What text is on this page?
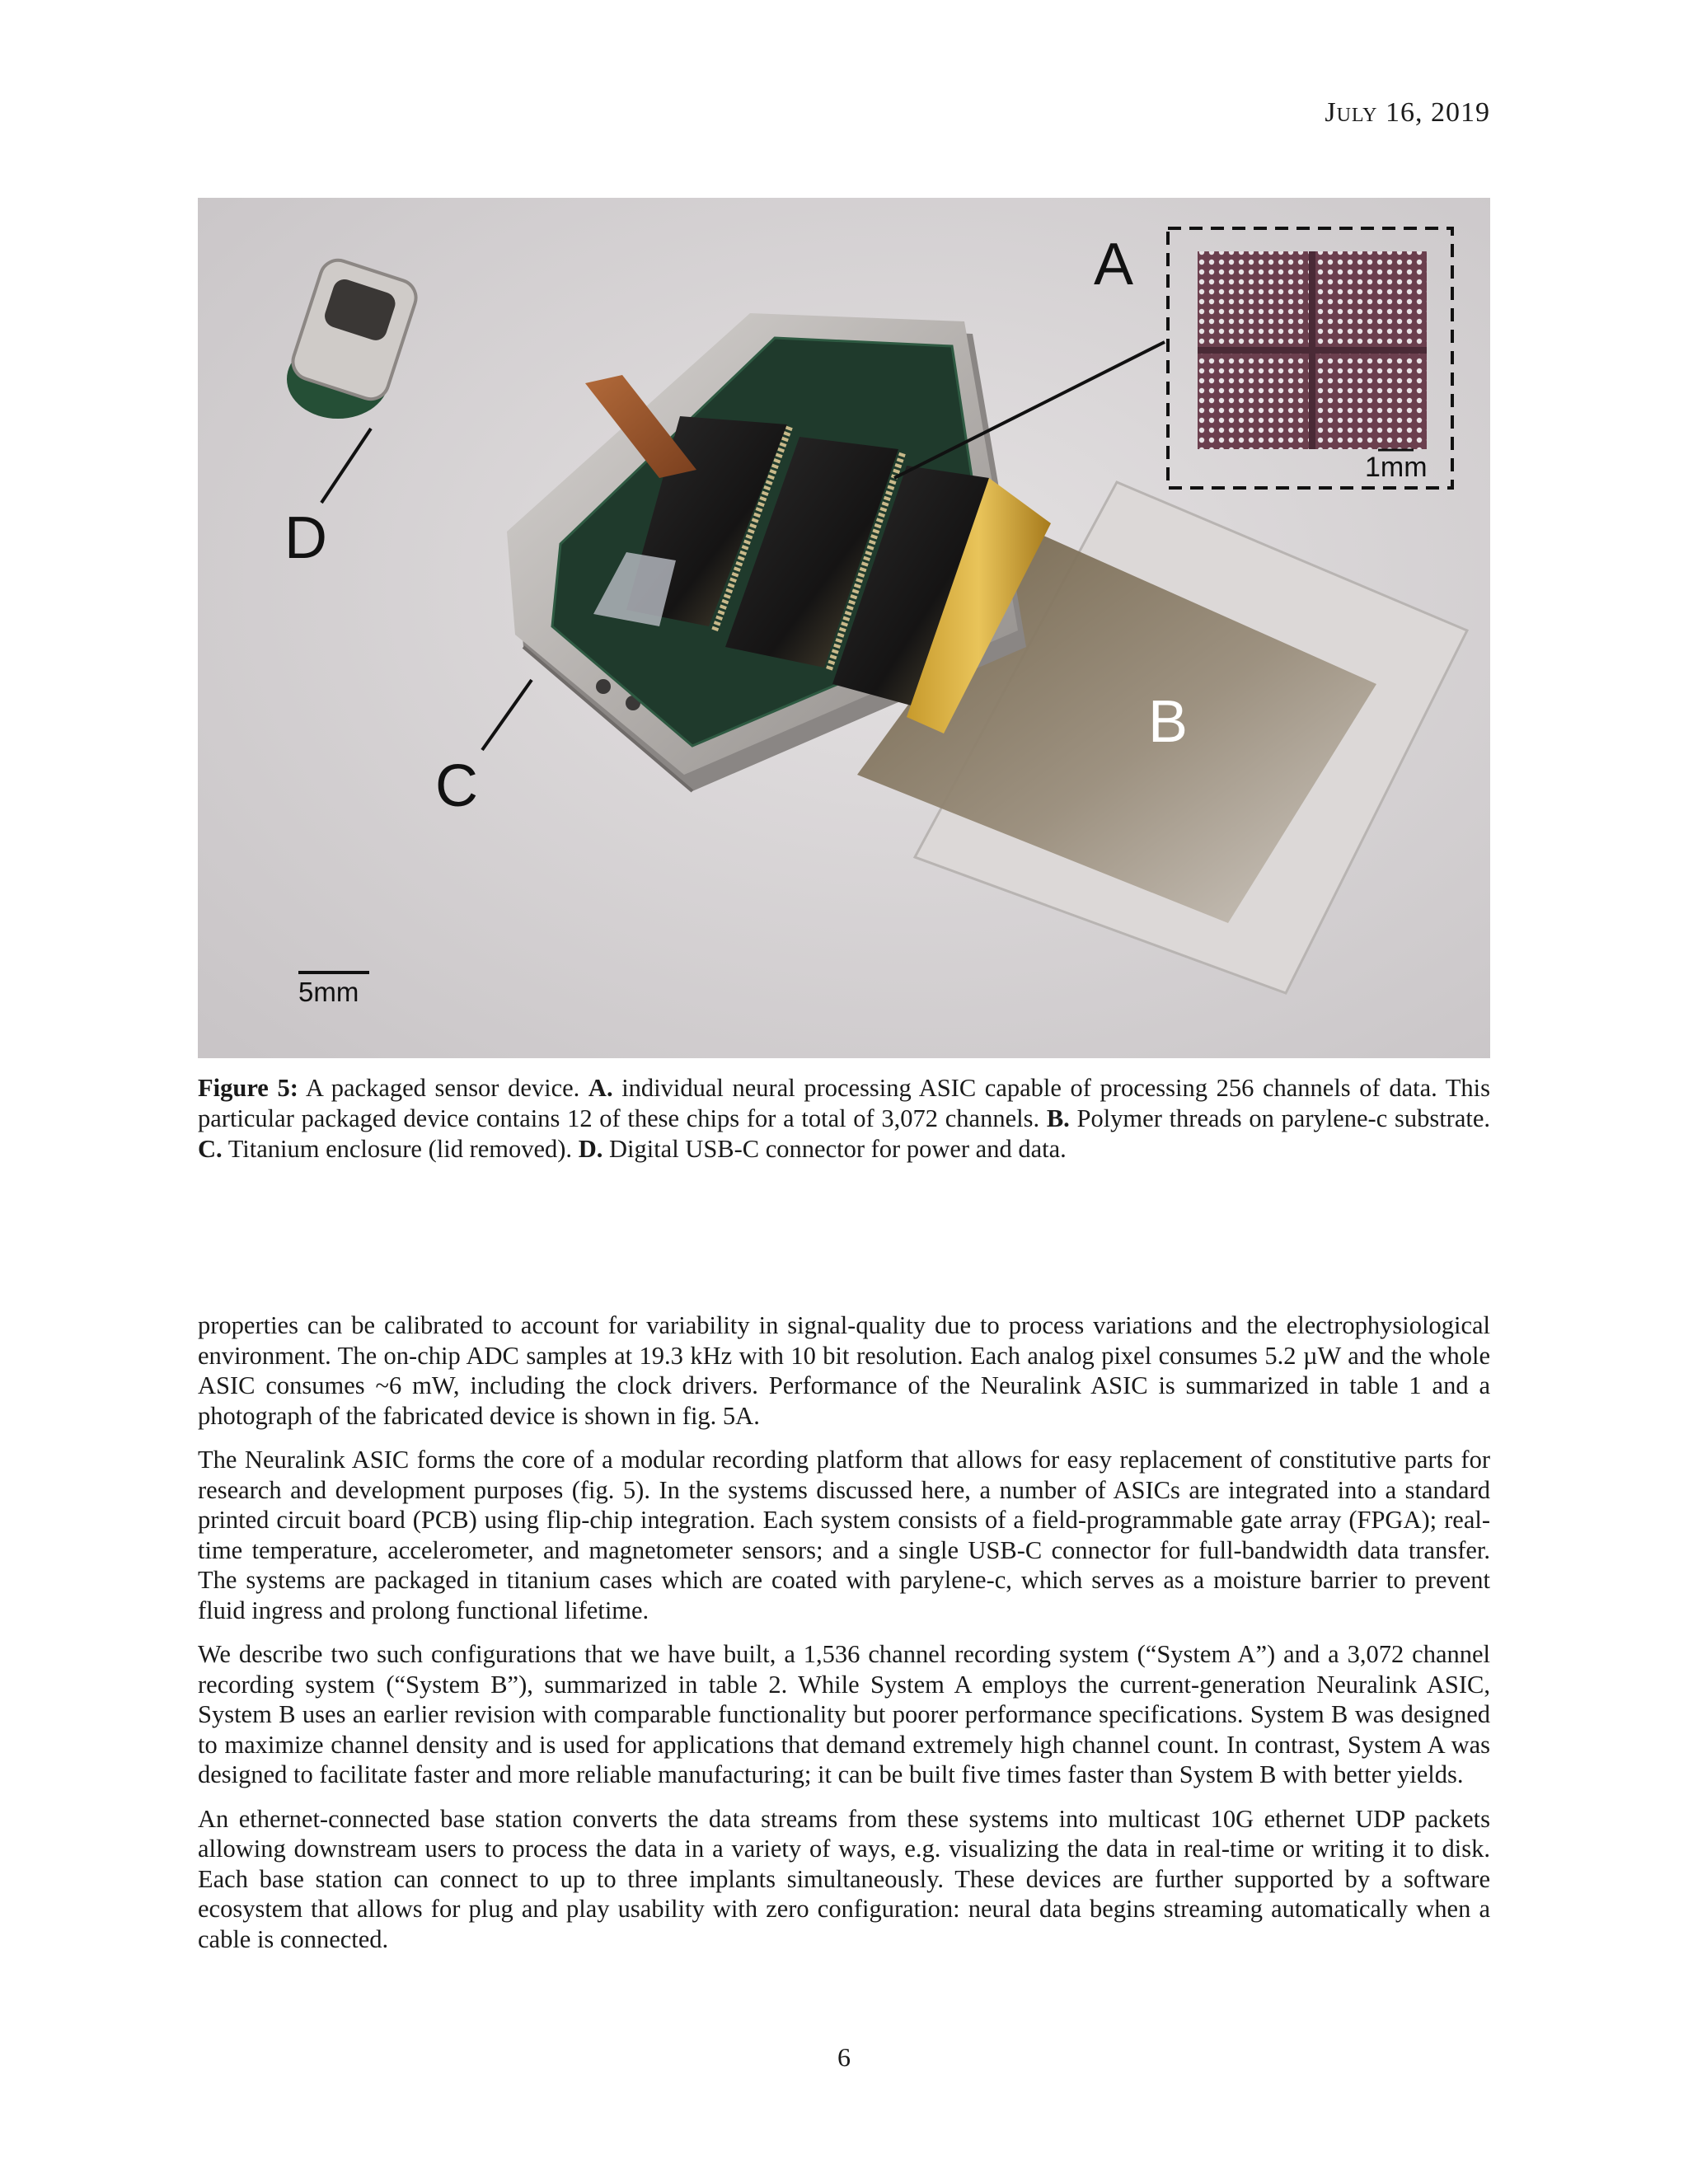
July 16, 2019
1mm
A
B
C
D
5mm
Figure 5: A packaged sensor device. A. individual neural processing ASIC capable of processing 256 channels of data. This particular packaged device contains 12 of these chips for a total of 3,072 channels. B. Polymer threads on parylene-c substrate. C. Titanium enclosure (lid removed). D. Digital USB-C connector for power and data.

properties can be calibrated to account for variability in signal-quality due to process variations and the electrophysiological environment. The on-chip ADC samples at 19.3 kHz with 10 bit resolution. Each analog pixel consumes 5.2 µW and the whole ASIC consumes ~6 mW, including the clock drivers. Performance of the Neuralink ASIC is summarized in table 1 and a photograph of the fabricated device is shown in fig. 5A.

The Neuralink ASIC forms the core of a modular recording platform that allows for easy replacement of constitutive parts for research and development purposes (fig. 5). In the systems discussed here, a number of ASICs are integrated into a standard printed circuit board (PCB) using flip-chip integration. Each system consists of a field-programmable gate array (FPGA); real-time temperature, accelerometer, and magnetometer sensors; and a single USB-C connector for full-bandwidth data transfer. The systems are packaged in titanium cases which are coated with parylene-c, which serves as a moisture barrier to prevent fluid ingress and prolong functional lifetime.

We describe two such configurations that we have built, a 1,536 channel recording system (“System A”) and a 3,072 channel recording system (“System B”), summarized in table 2. While System A employs the current-generation Neuralink ASIC, System B uses an earlier revision with comparable functionality but poorer performance specifications. System B was designed to maximize channel density and is used for applications that demand extremely high channel count. In contrast, System A was designed to facilitate faster and more reliable manufacturing; it can be built five times faster than System B with better yields.

An ethernet-connected base station converts the data streams from these systems into multicast 10G ethernet UDP packets allowing downstream users to process the data in a variety of ways, e.g. visualizing the data in real-time or writing it to disk. Each base station can connect to up to three implants simultaneously. These devices are further supported by a software ecosystem that allows for plug and play usability with zero configuration: neural data begins streaming automatically when a cable is connected.

6
